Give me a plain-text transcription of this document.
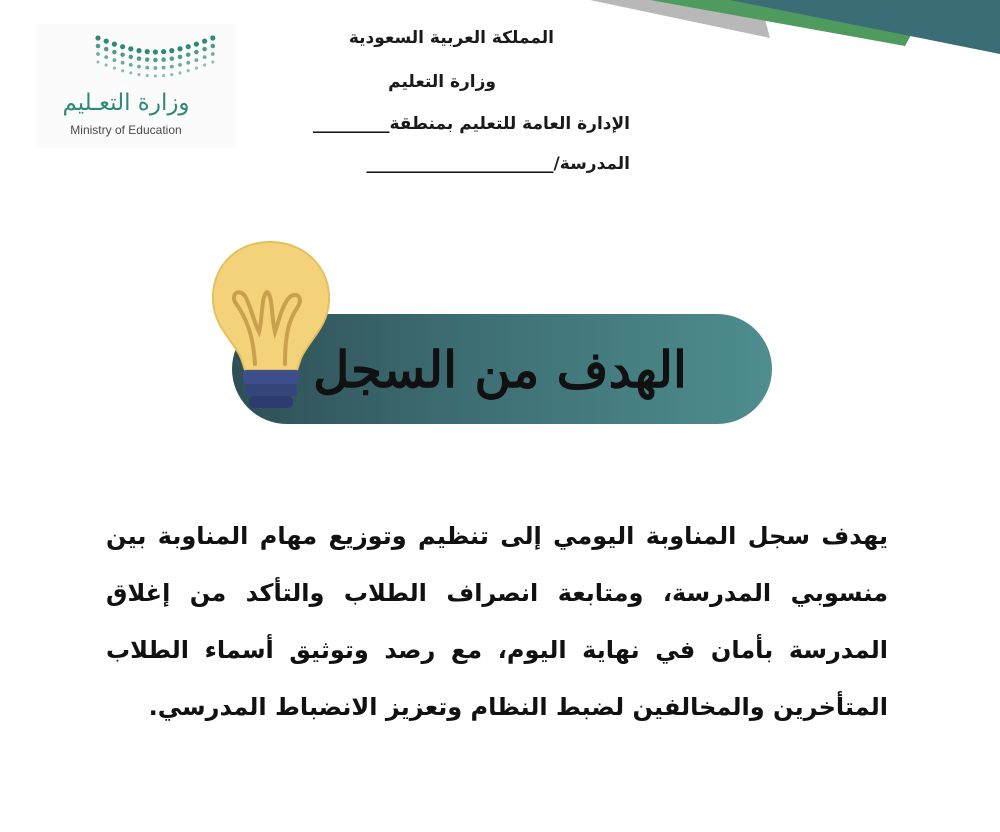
وزارة التعـليم
Ministry of Education
المملكة العربية السعودية
وزارة التعليم
الإدارة العامة للتعليم بمنطقة_________
المدرسة/______________________
الهدف من السجل
يهدف سجل المناوبة اليومي إلى تنظيم وتوزيع مهام المناوبة بين منسوبي المدرسة، ومتابعة انصراف الطلاب والتأكد من إغلاق المدرسة بأمان في نهاية اليوم، مع رصد وتوثيق أسماء الطلاب المتأخرين والمخالفين لضبط النظام وتعزيز الانضباط المدرسي.
